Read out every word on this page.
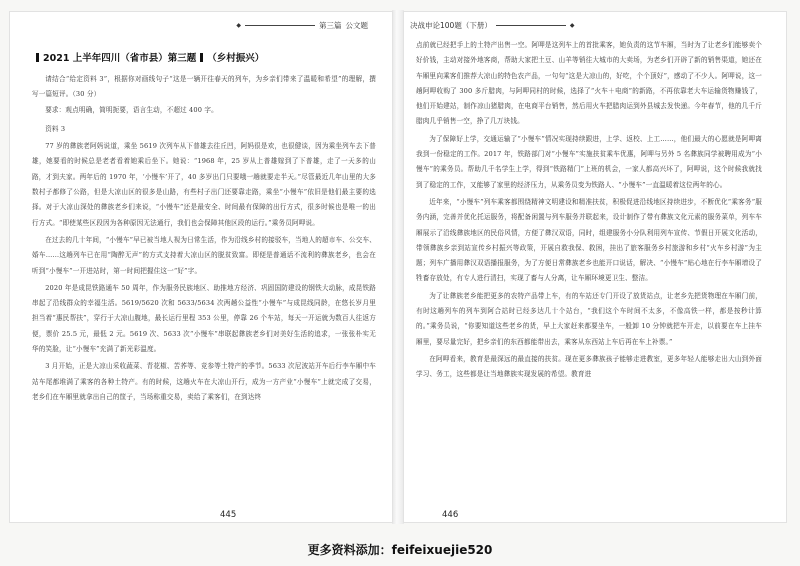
◆	第三篇 公文题
2021 上半年四川（省市县）第三题 （乡村振兴）

请结合“给定资料 3”，根据你对画线句子“这是一辆开往春天的列车，为乡亲们带来了温暖和希望”的理解，撰写一篇短评。（30 分）

要求：观点明确，简明扼要，语言生动，不超过 400 字。

资料 3

77 岁的彝族老阿妈说道，乘坐 5619 次列车从下普雄去往丘凹，阿妈很是欢，也很健谈，因为乘坐列车去下普雄，她要看的时候总是老者看着她乘后坐下。她说：“1968 年，25 岁从上普雄嫁到了下普雄，走了一天多的山路，才到夫家。两年后的 1970 年，‘小慢车’开了，40 多岁出门只要哦一趟就要走半天。”尽管最近几年山里的大多数村子都修了公路，但是大凉山区的很多是山路，有些村子出门还要靠走路，乘坐“小慢车”依旧是他们最主要的选择。对于大凉山深处的彝族老乡们来说，“小慢车”还是最安全、时间最有保障的出行方式，很多时候也是唯一的出行方式。“即使某些区段因为各种原因无法通行，我们也会保障其他区段的运行。”乘务员阿呷说。

在过去的几十年间，“小慢车”早已被当地人视为日常生活，作为沿线乡村的接驳车，当地人的超市车、公交车、婚车……这趟列车已在用“陶醉无声”的方式支持着大凉山区的脱贫致富。即便是普通话不流利的彝族老乡，也会在听到“小慢车”一开进站时，第一时间把握住这一“好”字。

2020 年是成昆铁路通车 50 周年，作为服务民族地区、助推地方经济、巩固国防建设的钢铁大动脉，成昆铁路串起了沿线群众的幸福生活。5619/5620 次和 5633/5634 次两趟公益性“小慢车”与成昆线同龄，在悠长岁月里担当着“惠民帮扶”，穿行于大凉山腹地，最长运行里程 353 公里，停靠 26 个车站，每天一开运就为数百人往返方便，票价 25.5 元，最低 2 元。5619 次、5633 次“小慢车”串联起彝族老乡们对美好生活的追求，一张张朴实无华的笑脸，让“小慢车”充满了新光彩温度。

3 月开始，正是大凉山采收蔬菜、青花椒、苦荞等、竞参等土特产的季节。5633 次尼波站开车后行李车厢中车站车尾都堆满了乘客的各种土特产。有的时候，这趟火车在大凉山开行，成为一方产业“小慢车”上就完成了交易，老乡们在车厢里就拿出自己的筐子，当场称重交易，卖给了乘客们，在到达终

445
决战申论100题（下册）	◆

点前就已经把手上的土特产出售一空。阿呷是这列车上的首批乘客，她负责的这节车厢，当时为了让老乡们能够卖个好价钱，主动对接外地客商，帮助大家把土豆、山羊等销往大城市的大卖场，为老乡们开辟了新的销售渠道，她还在车厢里向乘客们推荐大凉山的特色农产品，一句句“这是大凉山的，好吃，个个顶好”，感动了不少人。阿呷说，这一趟阿呷收购了 300 多斤腊肉，与阿呷同村的时候，选择了“火车＋电商”的新路，不再依靠老大车运输货物赚钱了，他们开始建站，制作凉山猪腊肉，在电商平台销售，然后用火车把腊肉运到外县城去发快递。今年春节，他的几千斤腊肉几乎销售一空，挣了几万块钱。

为了保障好上学，交通运输了“小慢车”情况实现持续跟进，上学、返校、上工……，他们最大的心愿就是阿呷离我到一份稳定的工作。2017 年，铁路部门对“小慢车”实施扶贫乘车优惠，阿呷与另外 5 名彝族同学被聘用成为“小慢车”的乘务员。帮助几千名学生上学，得到“铁路精门”上班的机会，一家人都高兴坏了，阿呷说，这个时候我就找到了稳定的工作，又能够了家里的经济压力，从乘务员变为铁路人、“小慢车”一直温暖着这位两年的心。

近年来，“小慢车”列车乘客都围绕精神文明建设和精准扶贫，积极促进沿线地区持续进步，不断优化“乘客务”服务内涵，完善并优化托运服务，将配备闲置与列车服务并联起来，设计制作了带有彝族文化元素的服务菜单，列车车厢展示了沿线彝族地区的民俗风情，方便了彝汉双语，同时，组建服务小分队利用列车宣传、节假日开展文化活动，带领彝族乡亲到站宣传乡村振兴等政策，开展自救我保、救困，挂出了旅客服务乡村旅游和乡村“火车乡村游”为主题；列车广播用彝汉双语播报服务，为了方便日常彝族老乡也能开口说话，解决、“小慢车”贴心地在行李车厢增设了牲畜存放处，有专人进行清扫，实现了畜与人分离，让车厢环境更卫生、整洁。

为了让彝族老乡能把更多的农特产品带上车，有的车站还专门开设了放货站点，让老乡先把货物理在车厢门前，有时这趟列车的列车到阿合站时已经多达几十个站台，“我们这个车时间不太多，不像高铁一样，都是按秒计算的。”乘务员说，“你要知道这些老乡的货，早上大家赶来都要坐车，一般卸 10 分钟就把车开走，以前要在车上挂车厢里，要尽量完好，把乡亲们的东西都能带出去，乘客从东西站上车后再在车上补票。”

在阿呷看来，教育是最深远的最直接的扶贫。现在更多彝族孩子能够走进教室，更多年轻人能够走出大山到外面学习、务工，这些都是让当地彝族实现发展的希望。教育进

446
更多资料添加：feifeixuejie520
